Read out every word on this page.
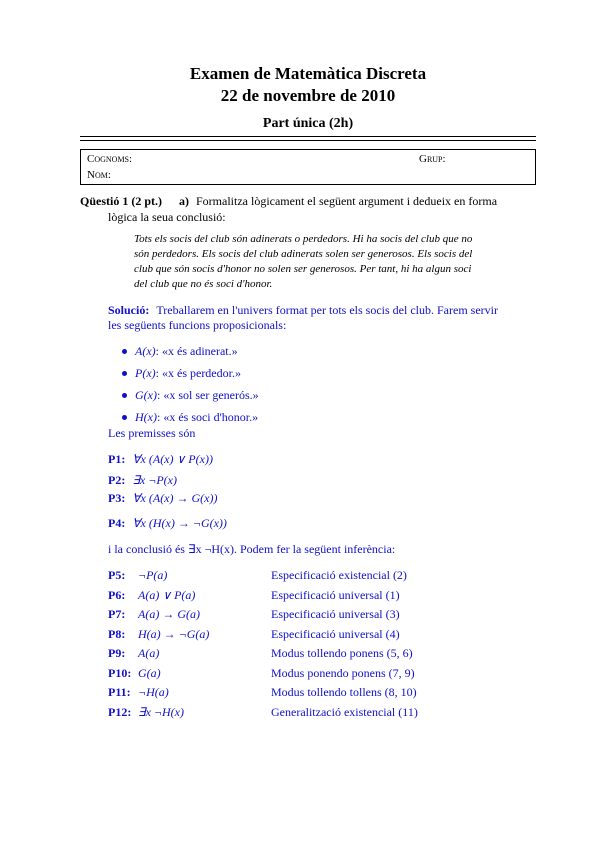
Examen de Matemàtica Discreta
22 de novembre de 2010
Part única (2h)
Cognoms:	Grup:
Nom:
Qüestió 1 (2 pt.) a) Formalitza lògicament el següent argument i dedueix en forma
lògica la seua conclusió:
Tots els socis del club són adinerats o perdedors. Hi ha socis del club que no
són perdedors. Els socis del club adinerats solen ser generosos. Els socis del
club que són socis d'honor no solen ser generosos. Per tant, hi ha algun soci
del club que no és soci d'honor.
Solució: Treballarem en l'univers format per tots els socis del club. Farem servir
les següents funcions proposicionals:
A(x): «x és adinerat.»
P(x): «x és perdedor.»
G(x): «x sol ser generós.»
H(x): «x és soci d'honor.»
Les premisses són
P1: ∀x (A(x) ∨ P(x))
P2: ∃x ¬P(x)
P3: ∀x (A(x) → G(x))
P4: ∀x (H(x) → ¬G(x))
i la conclusió és ∃x ¬H(x). Podem fer la següent inferència:
P5: ¬P(a)	Especificació existencial (2)
P6: A(a) ∨ P(a)	Especificació universal (1)
P7: A(a) → G(a)	Especificació universal (3)
P8: H(a) → ¬G(a)	Especificació universal (4)
P9: A(a)	Modus tollendo ponens (5, 6)
P10: G(a)	Modus ponendo ponens (7, 9)
P11: ¬H(a)	Modus tollendo tollens (8, 10)
P12: ∃x ¬H(x)	Generalització existencial (11)
